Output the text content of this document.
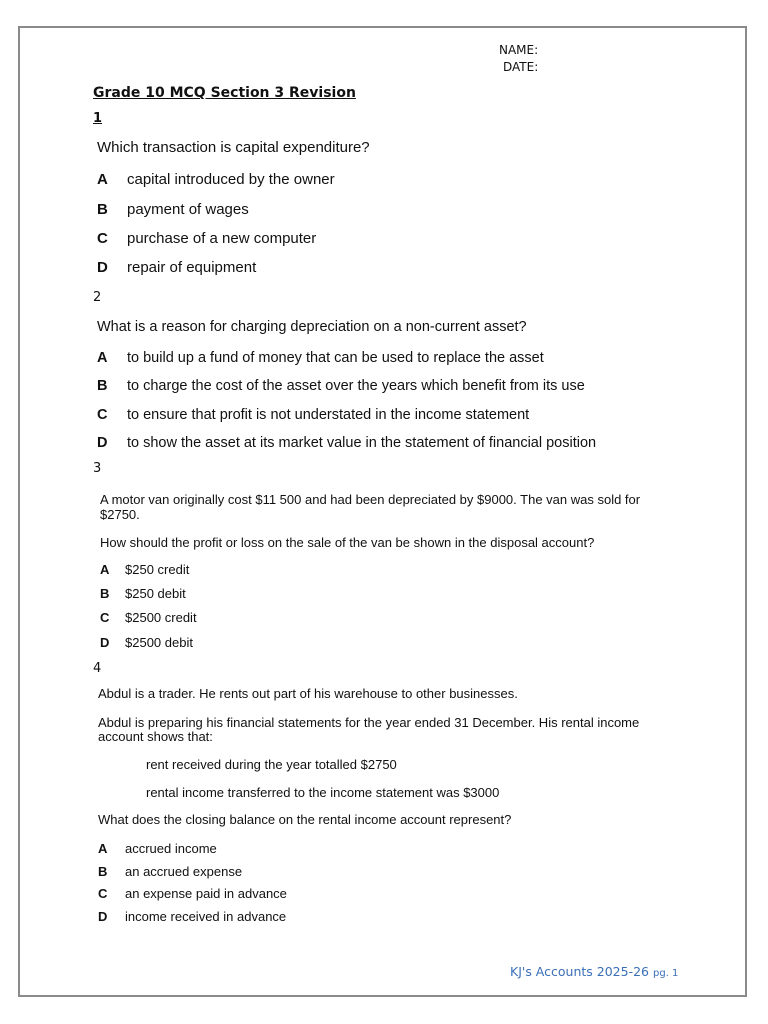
NAME:
DATE:
Grade 10 MCQ Section 3 Revision
1
Which transaction is capital expenditure?
A capital introduced by the owner
B payment of wages
C purchase of a new computer
D repair of equipment
2
What is a reason for charging depreciation on a non-current asset?
A to build up a fund of money that can be used to replace the asset
B to charge the cost of the asset over the years which benefit from its use
C to ensure that profit is not understated in the income statement
D to show the asset at its market value in the statement of financial position
3
A motor van originally cost $11 500 and had been depreciated by $9000. The van was sold for
$2750.
How should the profit or loss on the sale of the van be shown in the disposal account?
A $250 credit
B $250 debit
C $2500 credit
D $2500 debit
4
Abdul is a trader. He rents out part of his warehouse to other businesses.
Abdul is preparing his financial statements for the year ended 31 December. His rental income
account shows that:
rent received during the year totalled $2750
rental income transferred to the income statement was $3000
What does the closing balance on the rental income account represent?
A accrued income
B an accrued expense
C an expense paid in advance
D income received in advance
KJ's Accounts 2025-26 pg. 1
